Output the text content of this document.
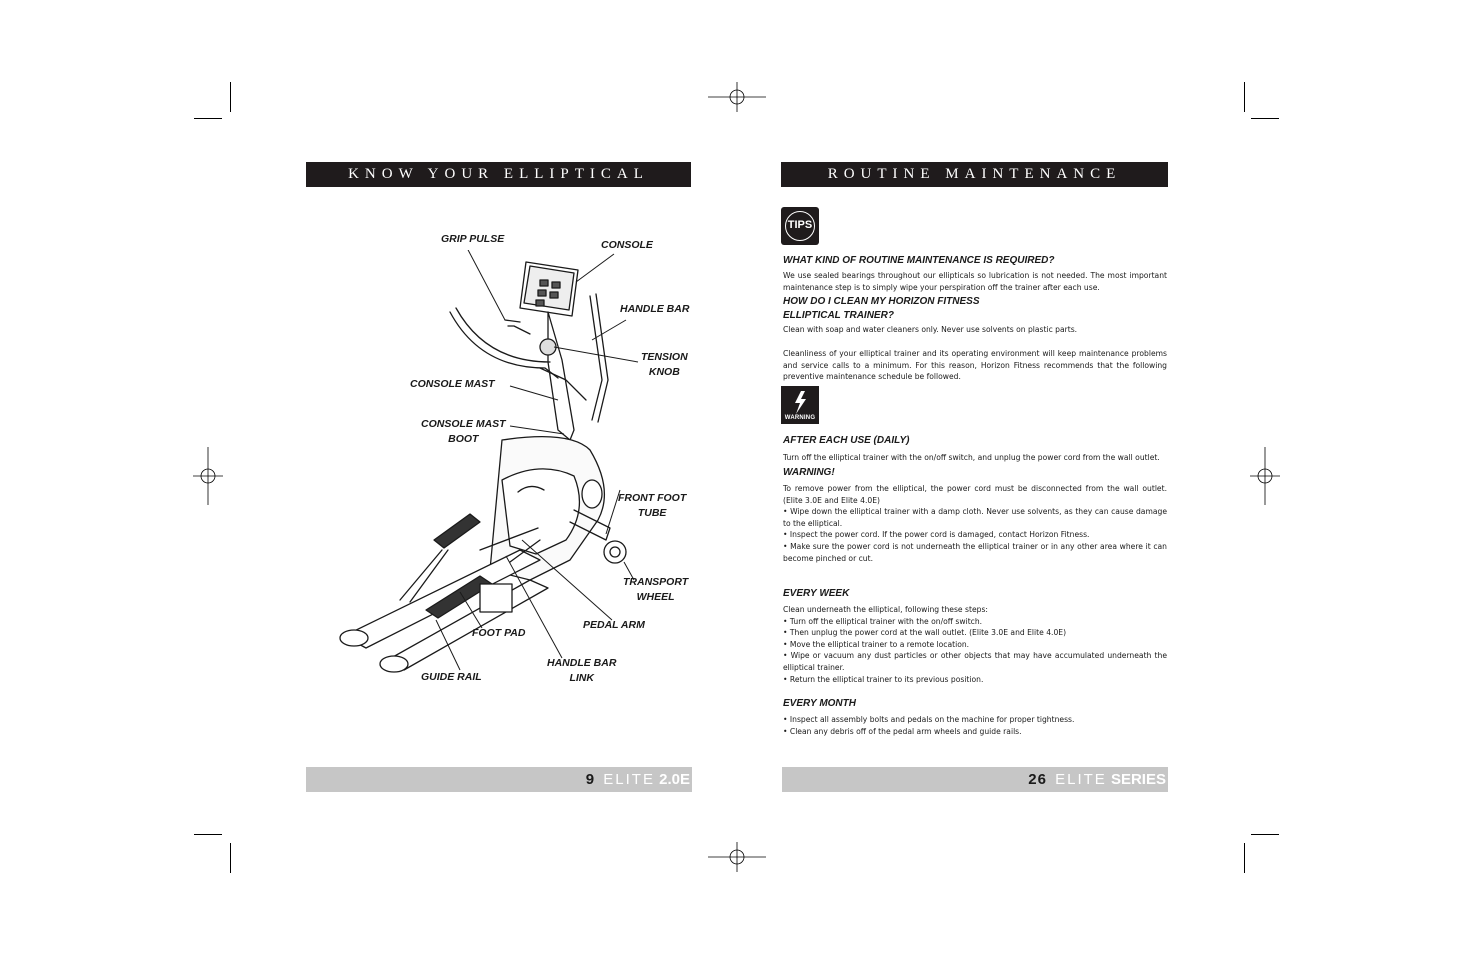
KNOW YOUR ELLIPTICAL
GRIP PULSE	CONSOLE
HANDLE BAR
TENSION
KNOB
CONSOLE MAST
CONSOLE MAST
BOOT
FRONT FOOT
TUBE
TRANSPORT
WHEEL
PEDAL ARM
FOOT PAD
HANDLE BAR
LINK
GUIDE RAIL
9 ELITE 2.0E
ROUTINE MAINTENANCE
TIPS
WHAT KIND OF ROUTINE MAINTENANCE IS REQUIRED?
We use sealed bearings throughout our ellipticals so lubrication is not needed. The most important maintenance step is to simply wipe your perspiration off the trainer after each use.
HOW DO I CLEAN MY HORIZON FITNESS
ELLIPTICAL TRAINER?
Clean with soap and water cleaners only. Never use solvents on plastic parts.
Cleanliness of your elliptical trainer and its operating environment will keep maintenance problems and service calls to a minimum. For this reason, Horizon Fitness recommends that the following preventive maintenance schedule be followed.
WARNING
AFTER EACH USE (DAILY)
Turn off the elliptical trainer with the on/off switch, and unplug the power cord from the wall outlet.
WARNING!
To remove power from the elliptical, the power cord must be disconnected from the wall outlet. (Elite 3.0E and Elite 4.0E)
• Wipe down the elliptical trainer with a damp cloth. Never use solvents, as they can cause damage to the elliptical.
• Inspect the power cord. If the power cord is damaged, contact Horizon Fitness.
• Make sure the power cord is not underneath the elliptical trainer or in any other area where it can become pinched or cut.
EVERY WEEK
Clean underneath the elliptical, following these steps:
• Turn off the elliptical trainer with the on/off switch.
• Then unplug the power cord at the wall outlet. (Elite 3.0E and Elite 4.0E)
• Move the elliptical trainer to a remote location.
• Wipe or vacuum any dust particles or other objects that may have accumulated underneath the elliptical trainer.
• Return the elliptical trainer to its previous position.
EVERY MONTH
• Inspect all assembly bolts and pedals on the machine for proper tightness.
• Clean any debris off of the pedal arm wheels and guide rails.
26 ELITE SERIES
